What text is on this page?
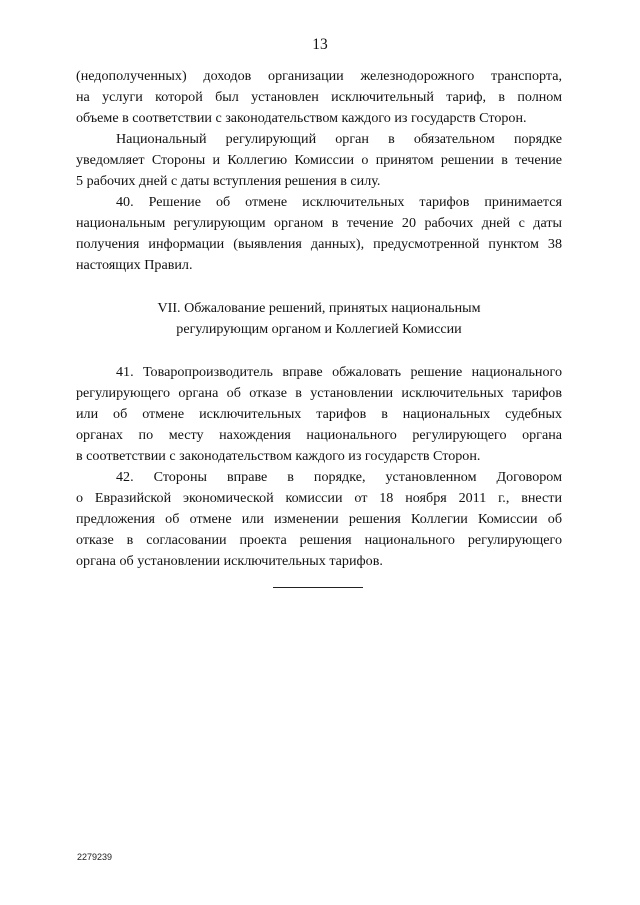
13
(недополученных) доходов организации железнодорожного транспорта,
на услуги которой был установлен исключительный тариф, в полном
объеме в соответствии с законодательством каждого из государств Сторон.
Национальный регулирующий орган в обязательном порядке
уведомляет Стороны и Коллегию Комиссии о принятом решении в течение
5 рабочих дней с даты вступления решения в силу.
40. Решение об отмене исключительных тарифов принимается
национальным регулирующим органом в течение 20 рабочих дней с даты
получения информации (выявления данных), предусмотренной пунктом 38
настоящих Правил.
VII. Обжалование решений, принятых национальным
регулирующим органом и Коллегией Комиссии
41. Товаропроизводитель вправе обжаловать решение национального
регулирующего органа об отказе в установлении исключительных тарифов
или об отмене исключительных тарифов в национальных судебных
органах по месту нахождения национального регулирующего органа
в соответствии с законодательством каждого из государств Сторон.
42. Стороны вправе в порядке, установленном Договором
о Евразийской экономической комиссии от 18 ноября 2011 г., внести
предложения об отмене или изменении решения Коллегии Комиссии об
отказе в согласовании проекта решения национального регулирующего
органа об установлении исключительных тарифов.
2279239
